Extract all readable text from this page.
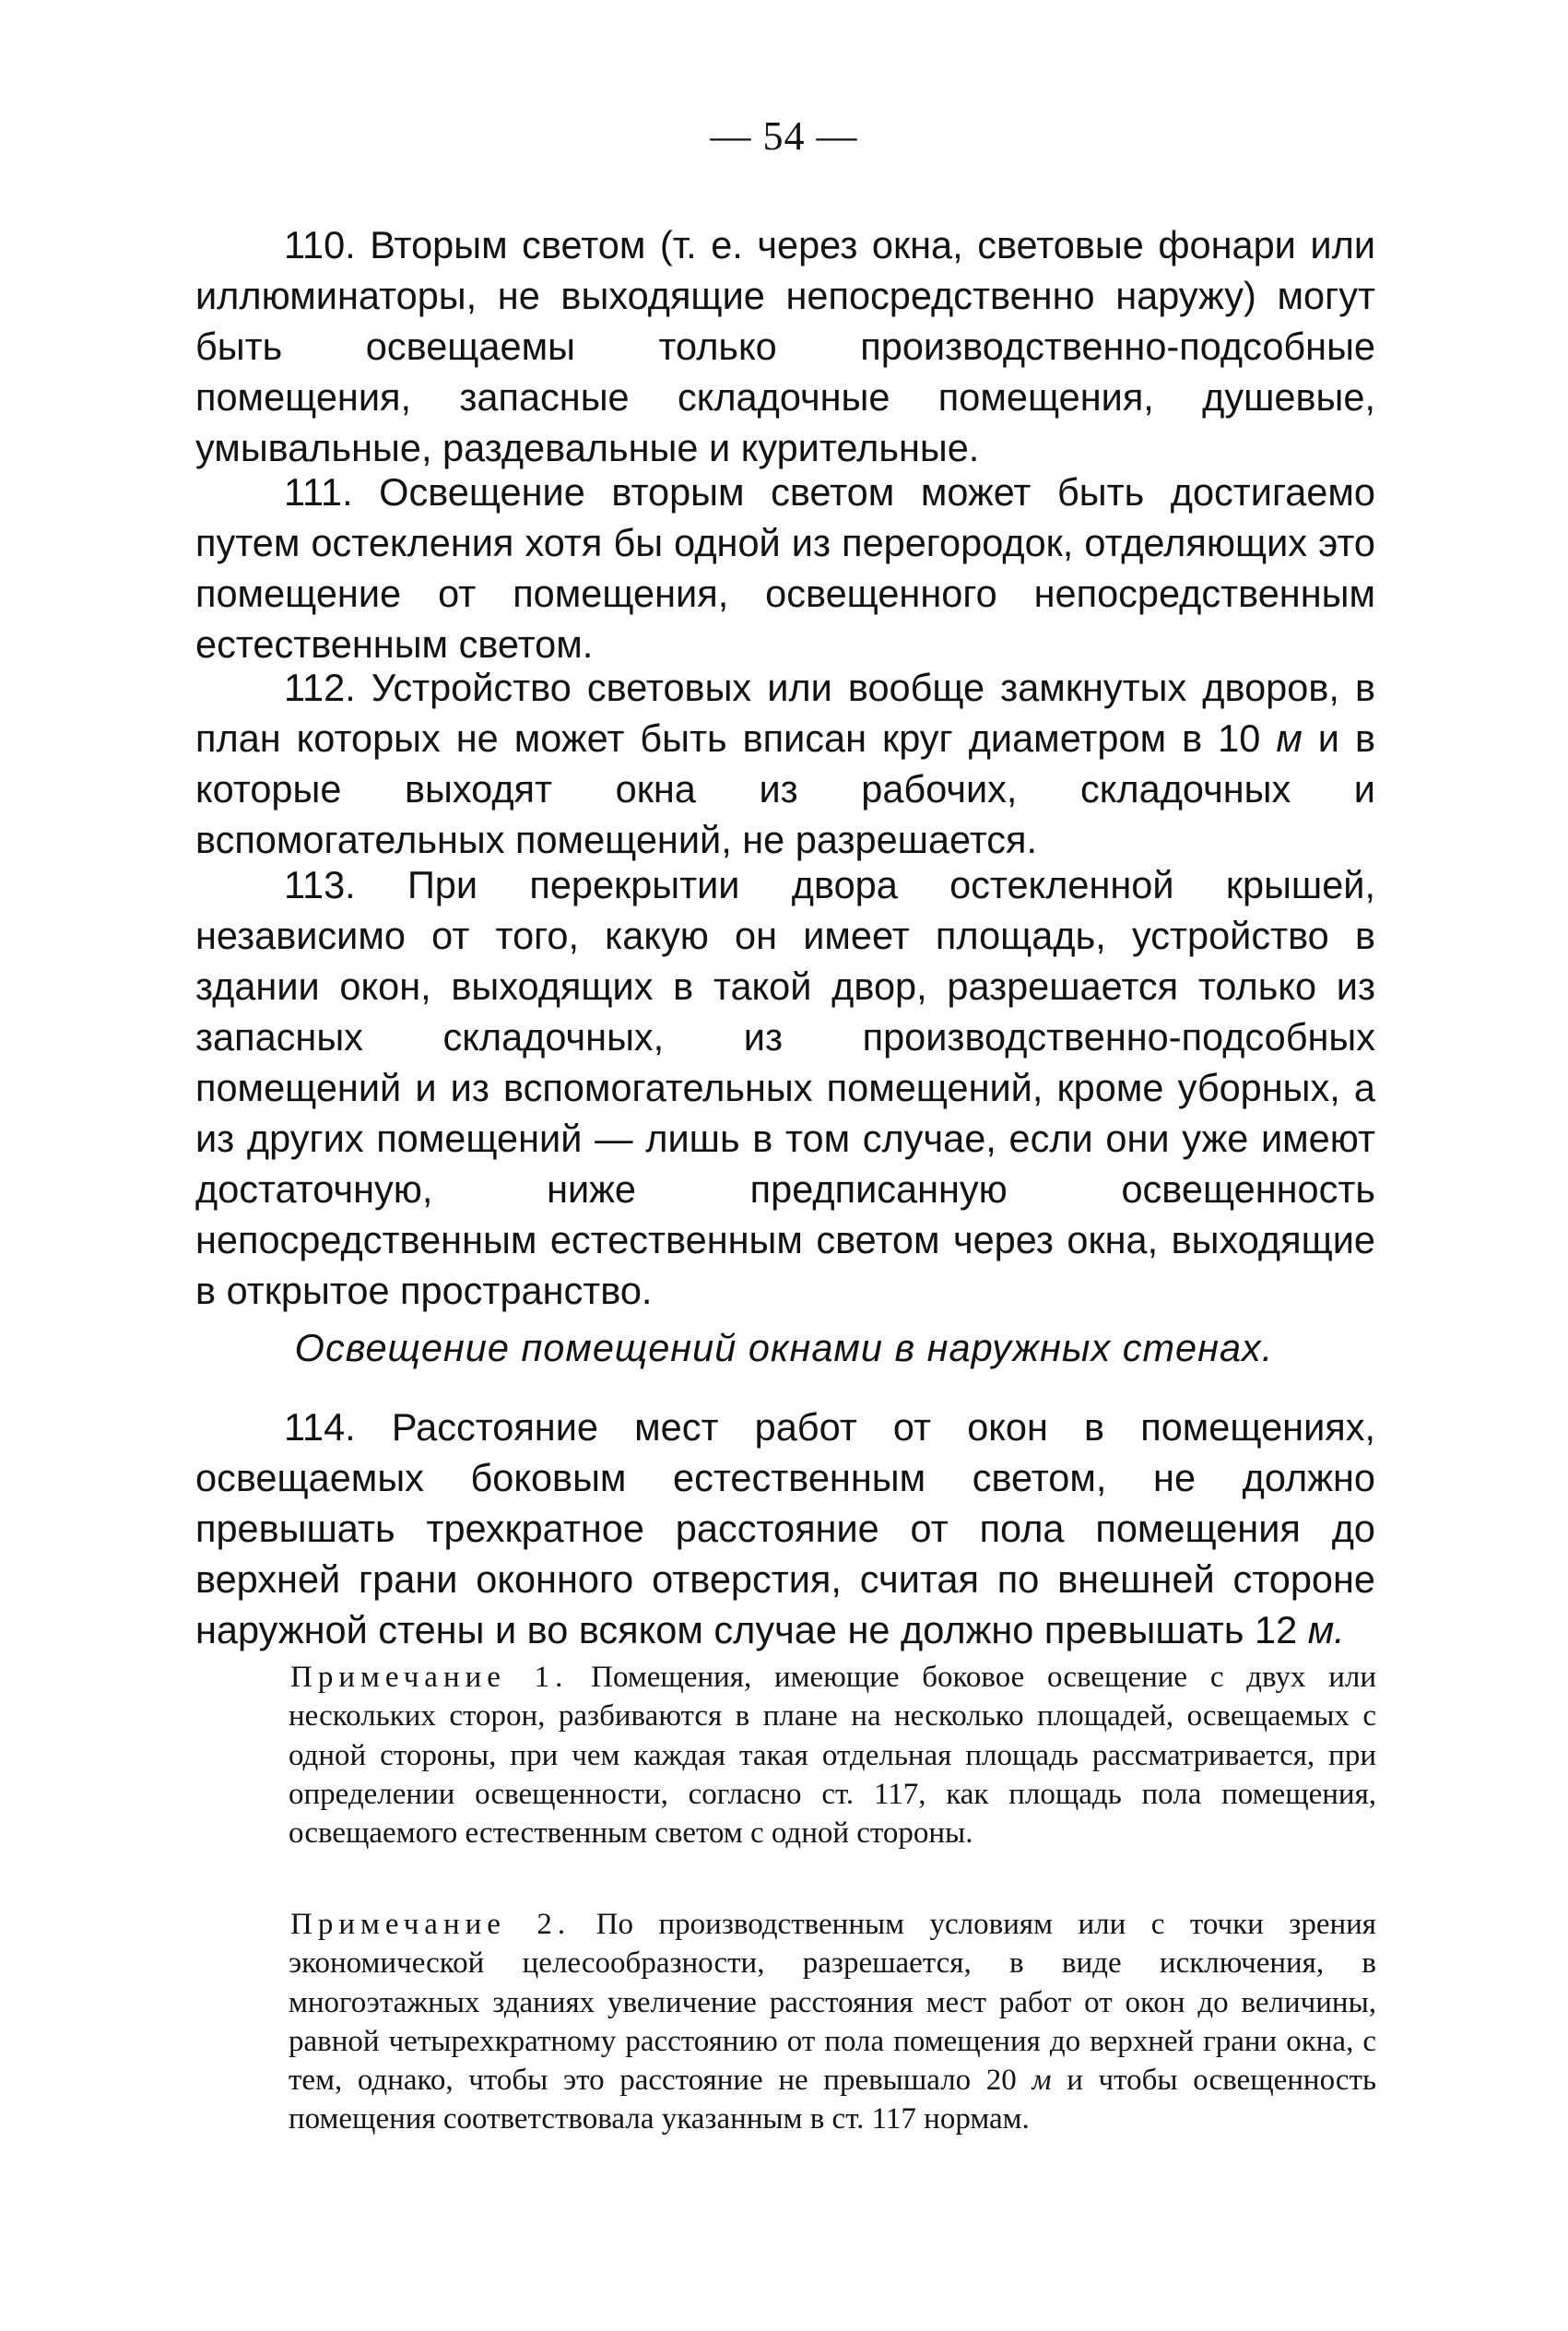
— 54 —

110. Вторым светом (т. е. через окна, световые фонари или иллюминаторы, не выходящие непосредственно наружу) могут быть освещаемы только производственно-подсобные помещения, запасные складочные помещения, душевые, умывальные, раздевальные и курительные.

111. Освещение вторым светом может быть достигаемо путем остекления хотя бы одной из перегородок, отделяющих это помещение от помещения, освещенного непосредственным естественным светом.

112. Устройство световых или вообще замкнутых дворов, в план которых не может быть вписан круг диаметром в 10 м и в которые выходят окна из рабочих, складочных и вспомогательных помещений, не разрешается.

113. При перекрытии двора остекленной крышей, независимо от того, какую он имеет площадь, устройство в здании окон, выходящих в такой двор, разрешается только из запасных складочных, из производственно-подсобных помещений и из вспомогательных помещений, кроме уборных, а из других помещений — лишь в том случае, если они уже имеют достаточную, ниже предписанную освещенность непосредственным естественным светом через окна, выходящие в открытое пространство.

Освещение помещений окнами в наружных стенах.

114. Расстояние мест работ от окон в помещениях, освещаемых боковым естественным светом, не должно превышать трехкратное расстояние от пола помещения до верхней грани оконного отверстия, считая по внешней стороне наружной стены и во всяком случае не должно превышать 12 м.

Примечание 1. Помещения, имеющие боковое освещение с двух или нескольких сторон, разбиваются в плане на несколько площадей, освещаемых с одной стороны, при чем каждая такая отдельная площадь рассматривается, при определении освещенности, согласно ст. 117, как площадь пола помещения, освещаемого естественным светом с одной стороны.

Примечание 2. По производственным условиям или с точки зрения экономической целесообразности, разрешается, в виде исключения, в многоэтажных зданиях увеличение расстояния мест работ от окон до величины, равной четырехкратному расстоянию от пола помещения до верхней грани окна, с тем, однако, чтобы это расстояние не превышало 20 м и чтобы освещенность помещения соответствовала указанным в ст. 117 нормам.
